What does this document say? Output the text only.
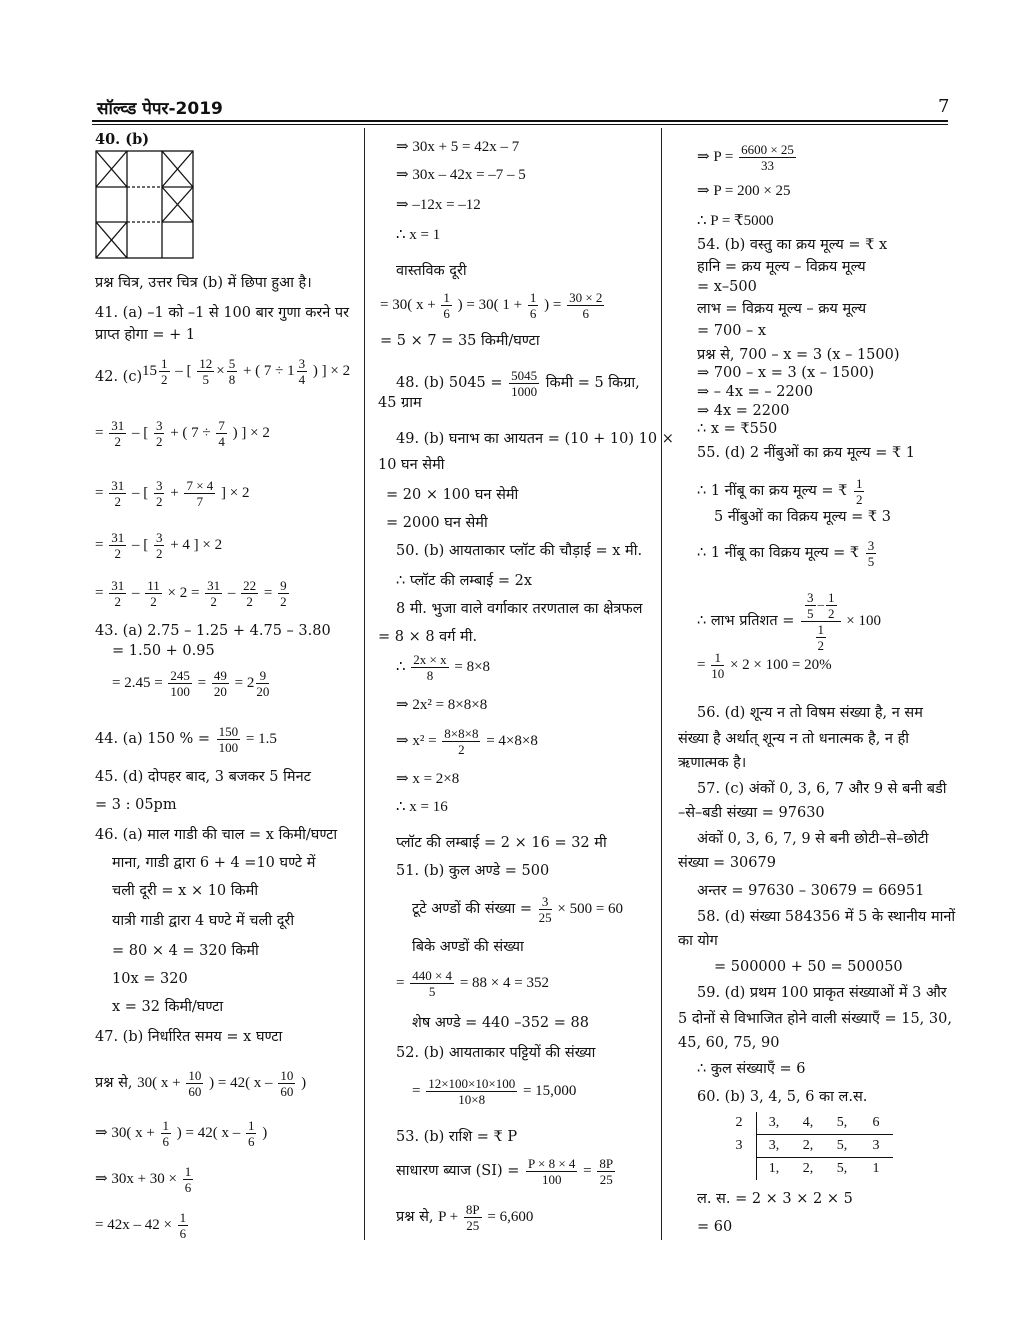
सॉल्व्ड पेपर-2019	7
40. (b)
प्रश्न चित्र, उत्तर चित्र (b) में छिपा हुआ है।
41. (a) –1 को –1 से 100 बार गुणा करने पर
प्राप्त होगा = + 1
42. (c) $15 \frac{1}{2}$ – [ $\frac{12}{5} \times \frac{5}{8}$ + ( $7 \div 1 \frac{3}{4}$ ) ] × 2
= $\frac{31}{2}$ – [ $\frac{3}{2}$ + ( $7 \div \frac{7}{4}$ ) ] × 2
= $\frac{31}{2}$ – [ $\frac{3}{2} + \frac{7 \times 4}{7}$ ] × 2
= $\frac{31}{2}$ – [ $\frac{3}{2} + 4$ ] × 2
= $\frac{31}{2} - \frac{11}{2} \times 2 = \frac{31}{2} - \frac{22}{2} = \frac{9}{2}$
43. (a) 2.75 – 1.25 + 4.75 – 3.80
= 1.50 + 0.95
= $2.45 = \frac{245}{100} = \frac{49}{20} = 2 \frac{9}{20}$
44. (a) 150 % = $\frac{150}{100} = 1.5$
45. (d) दोपहर बाद, 3 बजकर 5 मिनट
= 3 : 05pm
46. (a) माल गाडी की चाल = x किमी/घण्टा
माना, गाडी द्वारा 6 + 4 =10 घण्टे में
चली दूरी = x × 10 किमी
यात्री गाडी द्वारा 4 घण्टे में चली दूरी
= 80 × 4 = 320 किमी
10x = 320
x = 32 किमी/घण्टा
47. (b) निर्धारित समय = x घण्टा
प्रश्न से, 30( $x + \frac{10}{60}$ ) = 42( x – $\frac{10}{60}$ )
⇒ 30( $x + \frac{1}{6}$ ) = 42( x – $\frac{1}{6}$ )
⇒ $30x + 30 \times \frac{1}{6}$
= $42x - 42 \times \frac{1}{6}$
⇒ 30x + 5 = 42x – 7
⇒ 30x – 42x = –7 – 5
⇒ –12x = –12
∴ x = 1
वास्तविक दूरी
= 30( $x + \frac{1}{6}$ ) = 30( $1 + \frac{1}{6}$ ) = $\frac{30 \times 2}{6}$
= 5 × 7 = 35 किमी/घण्टा
48. (b) $5045 = \frac{5045}{1000}$ किमी = 5 किग्रा,
45 ग्राम
49. (b) घनाभ का आयतन = (10 + 10) 10 ×
10 घन सेमी
= 20 × 100 घन सेमी
= 2000 घन सेमी
50. (b) आयताकार प्लॉट की चौड़ाई = x मी.
∴ प्लॉट की लम्बाई = 2x
8 मी. भुजा वाले वर्गाकार तरणताल का क्षेत्रफल
= 8 × 8 वर्ग मी.
∴ $\frac{2x \times x}{8} = 8\times 8$
⇒ 2x² = 8×8×8
⇒ $x^2 = \frac{8\times 8\times 8}{2} = 4\times 8\times 8$
⇒ x = 2×8
∴ x = 16
प्लॉट की लम्बाई = 2 × 16 = 32 मी
51. (b) कुल अण्डे = 500
टूटे अण्डों की संख्या = $\frac{3}{25} \times 500 = 60$
बिके अण्डों की संख्या
= $\frac{440 \times 4}{5} = 88 \times 4 = 352$
शेष अण्डे = 440 –352 = 88
52. (b) आयताकार पट्टियों की संख्या
= $\frac{12\times 100\times 10\times 100}{10\times 8} = 15,000$
53. (b) राशि = ₹ P
साधारण ब्याज $(SI) = \frac{P \times 8 \times 4}{100} = \frac{8P}{25}$
प्रश्न से, $P + \frac{8P}{25} = 6,600$
⇒ $P = \frac{6600 \times 25}{33}$
⇒ P = 200 × 25
∴ P = ₹5000
54. (b) वस्तु का क्रय मूल्य = ₹ x
हानि = क्रय मूल्य – विक्रय मूल्य
= x–500
लाभ = विक्रय मूल्य – क्रय मूल्य
= 700 – x
प्रश्न से, 700 – x = 3 (x – 1500)
⇒ 700 – x = 3 (x – 1500)
⇒ – 4x = – 2200
⇒ 4x = 2200
∴ x = ₹550
55. (d) 2 नींबुओं का क्रय मूल्य = ₹ 1
∴ 1 नींबू का क्रय मूल्य = ₹ $\frac{1}{2}$
5 नींबुओं का विक्रय मूल्य = ₹ 3
∴ 1 नींबू का विक्रय मूल्य = ₹ $\frac{3}{5}$
∴ लाभ प्रतिशत = $\frac{\frac{3}{5} - \frac{1}{2}}{\frac{1}{2}} \times 100$
= $\frac{1}{10} \times 2 \times 100 = 20\%$
56. (d) शून्य न तो विषम संख्या है, न सम
संख्या है अर्थात् शून्य न तो धनात्मक है, न ही
ऋणात्मक है।
57. (c) अंकों 0, 3, 6, 7 और 9 से बनी बडी
–से–बडी संख्या = 97630
अंकों 0, 3, 6, 7, 9 से बनी छोटी–से–छोटी
संख्या = 30679
अन्तर = 97630 – 30679 = 66951
58. (d) संख्या 584356 में 5 के स्थानीय मानों
का योग
= 500000 + 50 = 500050
59. (d) प्रथम 100 प्राकृत संख्याओं में 3 और
5 दोनों से विभाजित होने वाली संख्याएँ = 15, 30,
45, 60, 75, 90
∴ कुल संख्याएँ = 6
60. (b) 3, 4, 5, 6 का ल.स.
2	3,	4,	5,	6
3	3,	2,	5,	3
	1,	2,	5,	1
ल. स. = 2 × 3 × 2 × 5
= 60
